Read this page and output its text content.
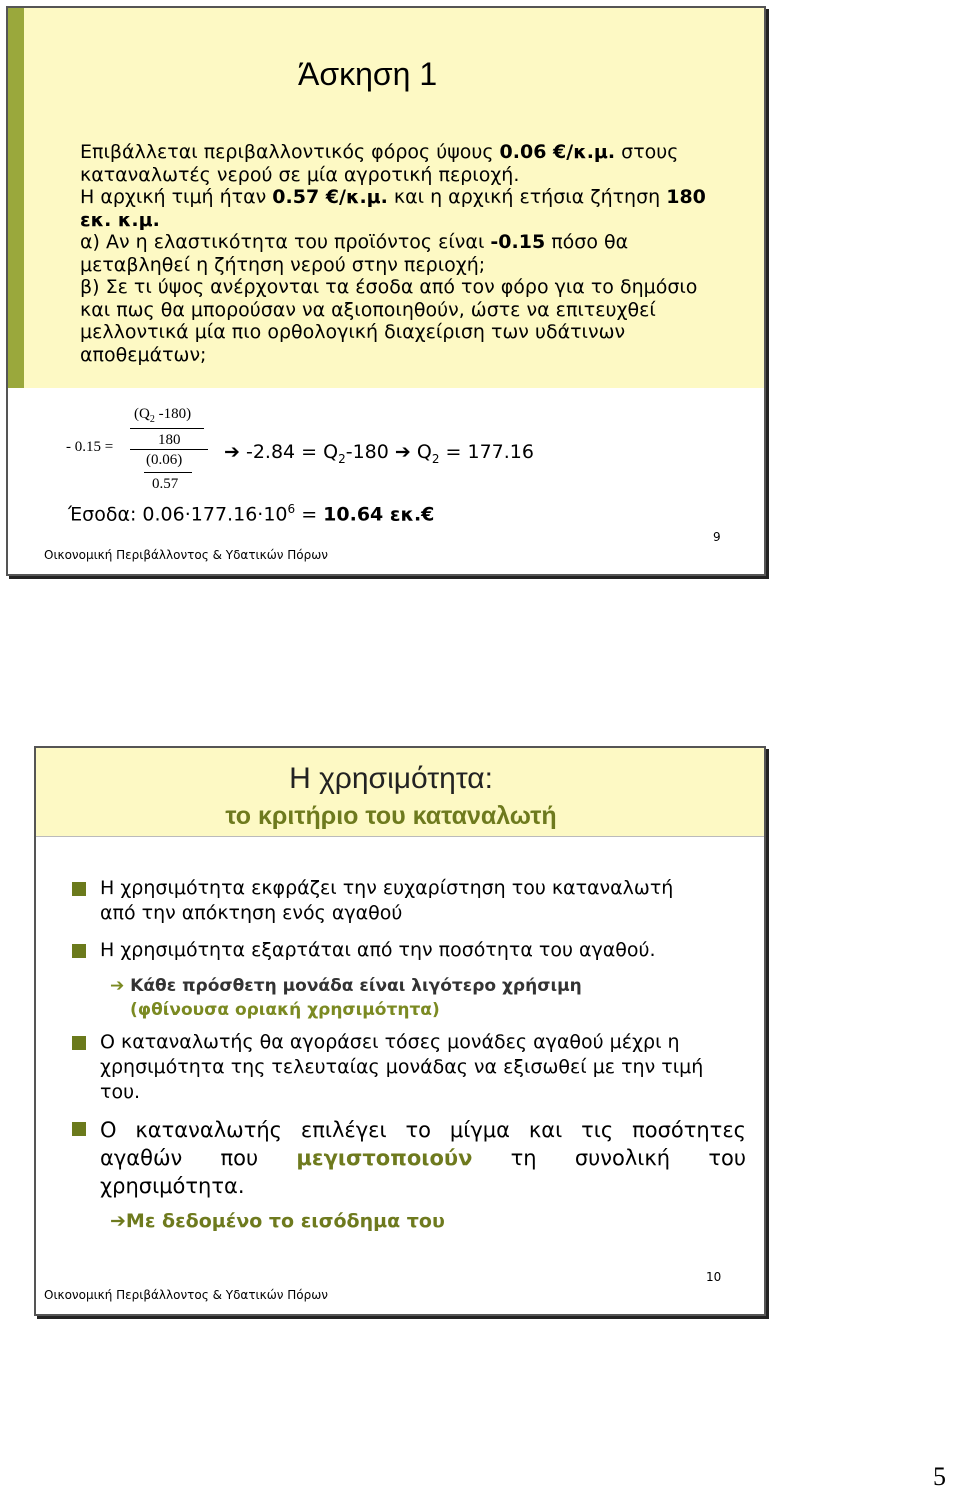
Άσκηση 1

Επιβάλλεται περιβαλλοντικός φόρος ύψους 0.06 €/κ.μ. στους

καταναλωτές νερού σε μία αγροτική περιοχή.

Η αρχική τιμή ήταν 0.57 €/κ.μ. και η αρχική ετήσια ζήτηση 180

εκ. κ.μ.

α) Αν η ελαστικότητα του προϊόντος είναι -0.15 πόσο θα

μεταβληθεί η ζήτηση νερού στην περιοχή;

β) Σε τι ύψος ανέρχονται τα έσοδα από τον φόρο για το δημόσιο

και πως θα μπορούσαν να αξιοποιηθούν, ώστε να επιτευχθεί

μελλοντικά μία πιο ορθολογική διαχείριση των υδάτινων

αποθεμάτων;

- 0.15 =
($Q_2$ -180)
180
(0.06)
0.57
➔ $-2.84 = Q_2-180$ ➔ $Q_2 = 177.16$
Έσοδα: $0.06\cdot 177.16\cdot 10^6 = 10.64$ εκ.€
Οικονομική Περιβάλλοντος & Υδατικών Πόρων
9
Η χρησιμότητα:
το κριτήριο του καταναλωτή

Η χρησιμότητα εκφράζει την ευχαρίστηση του καταναλωτή

από την απόκτηση ενός αγαθού

Η χρησιμότητα εξαρτάται από την ποσότητα του αγαθού.
➔ Κάθε πρόσθετη μονάδα είναι λιγότερο χρήσιμη
(φθίνουσα οριακή χρησιμότητα)

Ο καταναλωτής θα αγοράσει τόσες μονάδες αγαθού μέχρι η

χρησιμότητα της τελευταίας μονάδας να εξισωθεί με την τιμή

του.

Ο καταναλωτής επιλέγει το μίγμα και τις ποσότητες

αγαθών που μεγιστοποιούν τη συνολική του

χρησιμότητα.

➔Με δεδομένο το εισόδημα του
Οικονομική Περιβάλλοντος & Υδατικών Πόρων
10
5
